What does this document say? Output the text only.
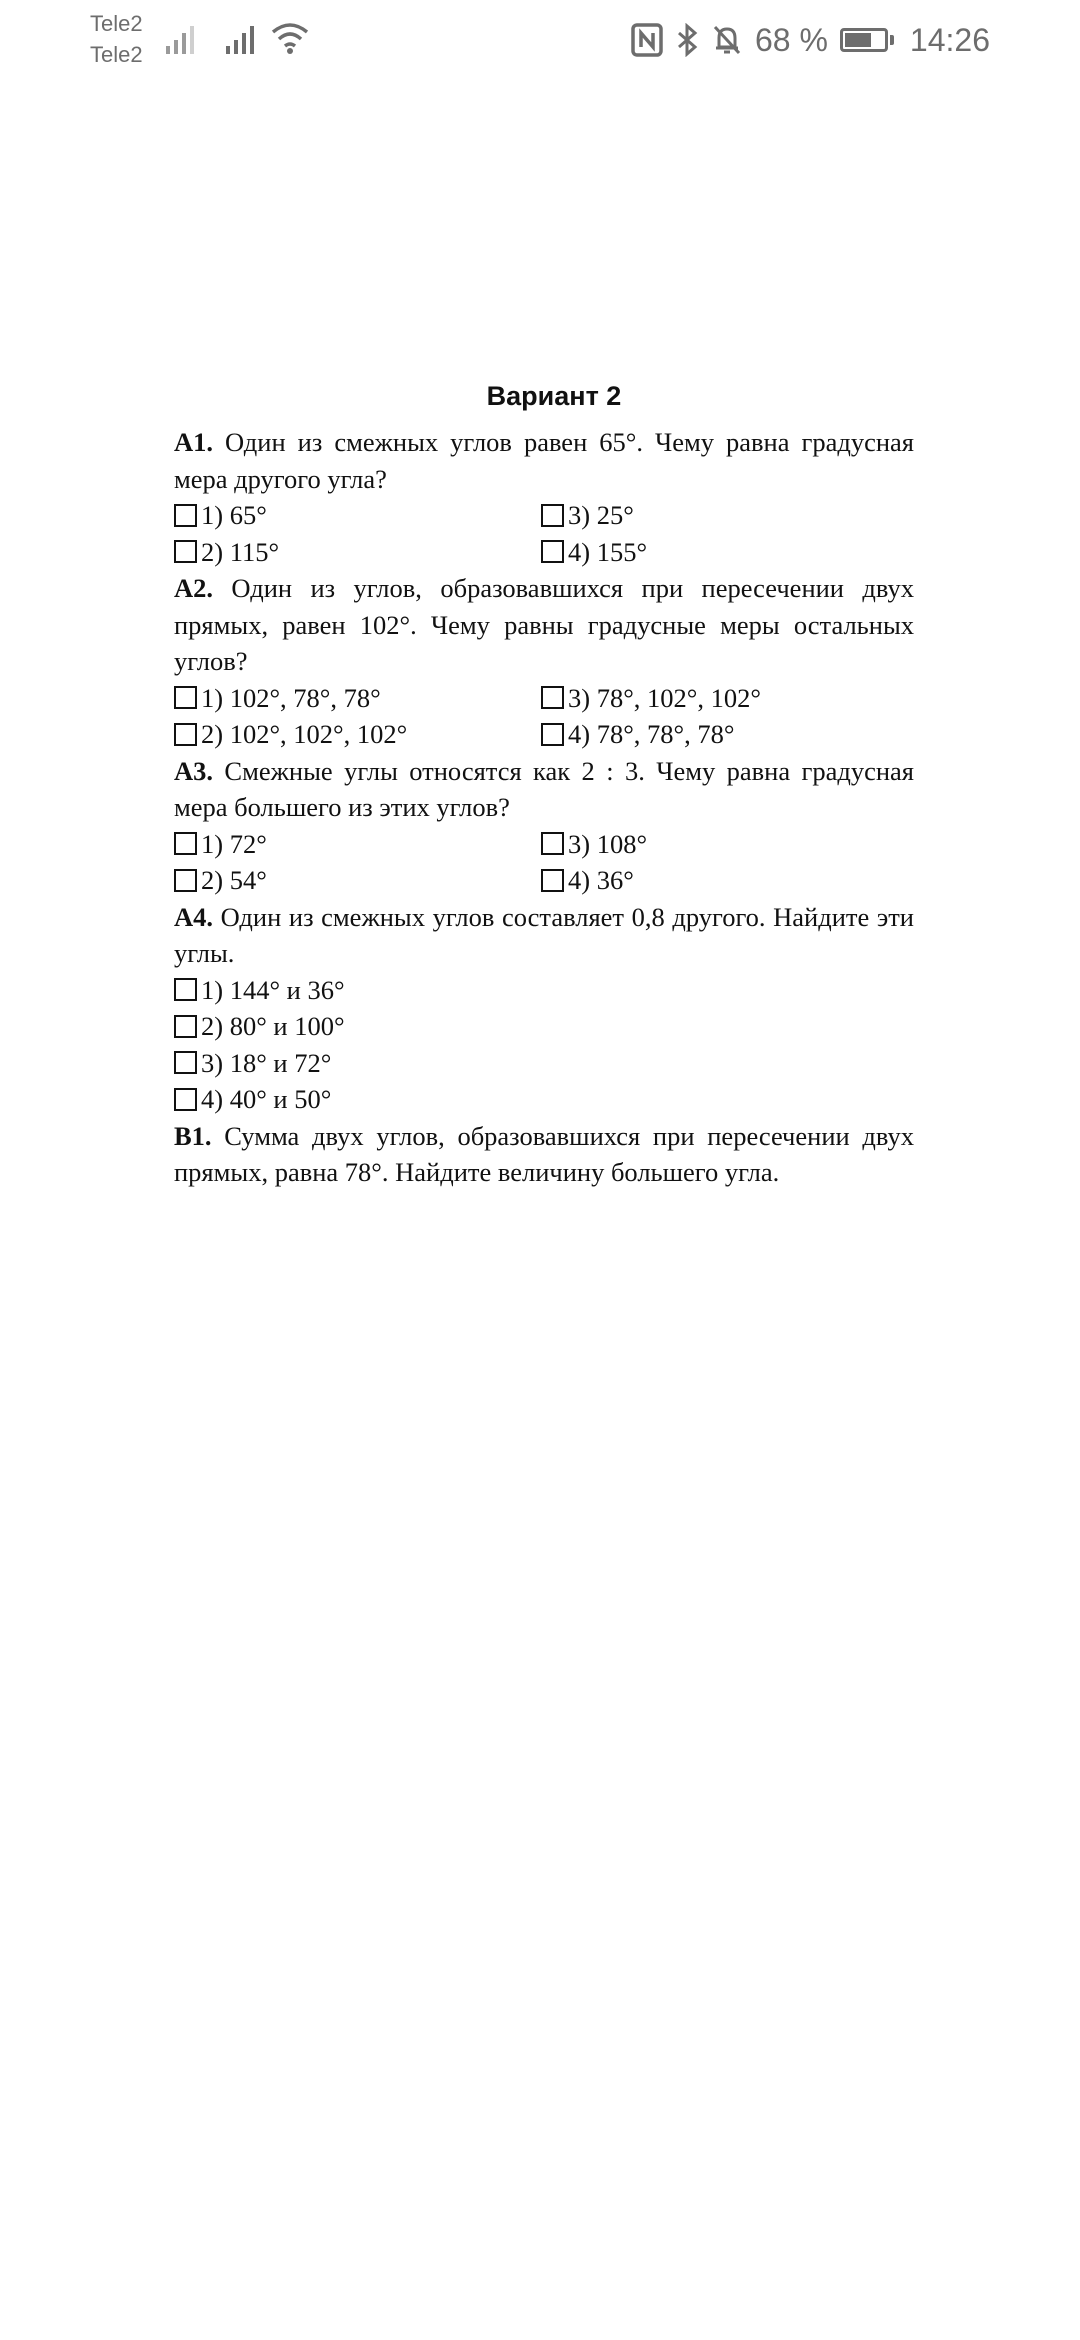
Tele2
Tele2	68 %	14:26
Вариант 2
A1. Один из смежных углов равен 65°. Чему равна градусная мера другого угла?
1) 65°	3) 25°
2) 115°	4) 155°
A2. Один из углов, образовавшихся при пересечении двух прямых, равен 102°. Чему равны градусные меры остальных углов?
1) 102°, 78°, 78°	3) 78°, 102°, 102°
2) 102°, 102°, 102°	4) 78°, 78°, 78°
A3. Смежные углы относятся как 2 : 3. Чему равна градусная мера большего из этих углов?
1) 72°	3) 108°
2) 54°	4) 36°
A4. Один из смежных углов составляет 0,8 другого. Найдите эти углы.
1) 144° и 36°
2) 80° и 100°
3) 18° и 72°
4) 40° и 50°
B1. Сумма двух углов, образовавшихся при пересечении двух прямых, равна 78°. Найдите величину большего угла.
